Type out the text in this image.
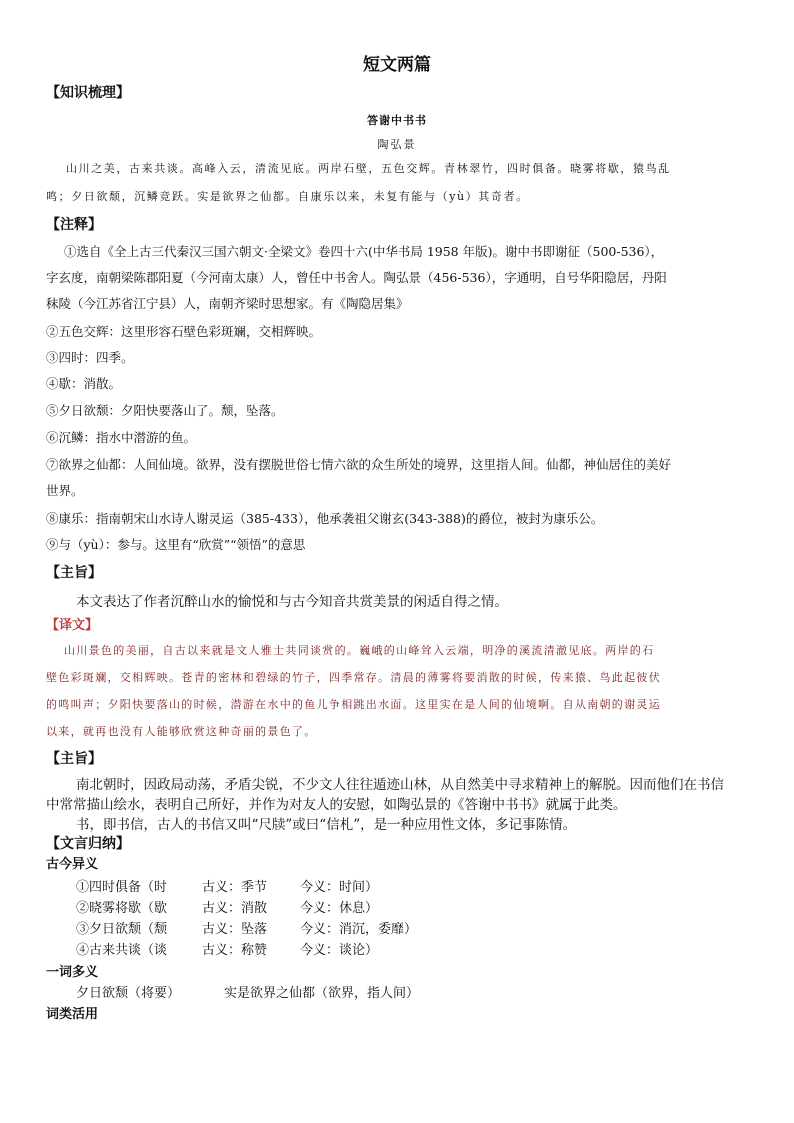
短文两篇
【知识梳理】
答谢中书书
陶弘景
山川之美，古来共谈。高峰入云，清流见底。两岸石壁，五色交辉。青林翠竹，四时俱备。晓雾将歇，猿鸟乱
鸣；夕日欲颓，沉鳞竞跃。实是欲界之仙都。自康乐以来，未复有能与（yù）其奇者。
【注释】
①选自《全上古三代秦汉三国六朝文·全梁文》卷四十六(中华书局 1958 年版)。谢中书即谢征（500-536），
字玄度，南朝梁陈郡阳夏（今河南太康）人，曾任中书舍人。陶弘景（456-536），字通明，自号华阳隐居，丹阳
秣陵（今江苏省江宁县）人，南朝齐梁时思想家。有《陶隐居集》
②五色交辉：这里形容石壁色彩斑斓，交相辉映。
③四时：四季。
④歇：消散。
⑤夕日欲颓：夕阳快要落山了。颓，坠落。
⑥沉鳞：指水中潜游的鱼。
⑦欲界之仙都：人间仙境。欲界，没有摆脱世俗七情六欲的众生所处的境界，这里指人间。仙都，神仙居住的美好
世界。
⑧康乐：指南朝宋山水诗人谢灵运（385-433），他承袭祖父谢玄(343-388)的爵位，被封为康乐公。
⑨与（yù）：参与。这里有“欣赏”“领悟”的意思
【主旨】
本文表达了作者沉醉山水的愉悦和与古今知音共赏美景的闲适自得之情。
【译文】
山川景色的美丽，自古以来就是文人雅士共同谈赏的。巍峨的山峰耸入云端，明净的溪流清澈见底。两岸的石
壁色彩斑斓，交相辉映。苍青的密林和碧绿的竹子，四季常存。清晨的薄雾将要消散的时候，传来猿、鸟此起彼伏
的鸣叫声；夕阳快要落山的时候，潜游在水中的鱼儿争相跳出水面。这里实在是人间的仙境啊。自从南朝的谢灵运
以来，就再也没有人能够欣赏这种奇丽的景色了。
【主旨】
南北朝时，因政局动荡，矛盾尖锐，不少文人往往遁迹山林，从自然美中寻求精神上的解脱。因而他们在书信
中常常描山绘水，表明自己所好，并作为对友人的安慰，如陶弘景的《答谢中书书》就属于此类。
书，即书信，古人的书信又叫“尺牍”或曰“信札”，是一种应用性文体，多记事陈情。
【文言归纳】
古今异义
①四时俱备（时	古义：季节	今义：时间）
②晓雾将歇（歇	古义：消散	今义：休息）
③夕日欲颓（颓	古义：坠落	今义：消沉，委靡）
④古来共谈（谈	古义：称赞	今义：谈论）
一词多义
夕日欲颓（将要）	实是欲界之仙都（欲界，指人间）
词类活用
